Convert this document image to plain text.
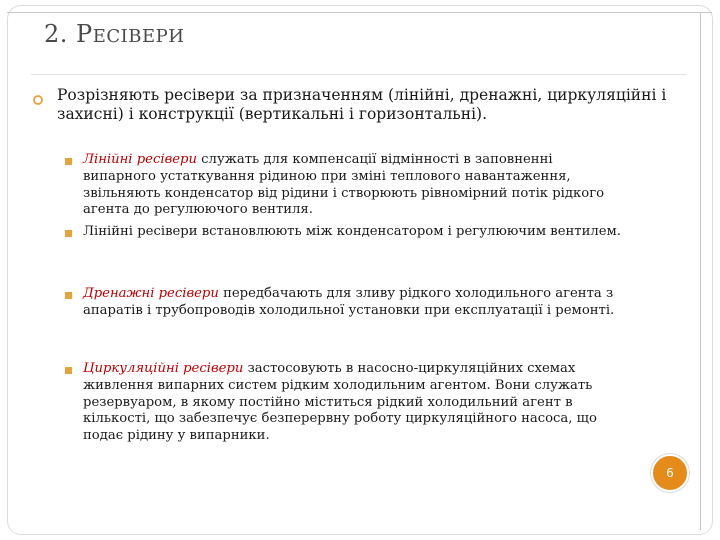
2. РЕСІВЕРИ
Розрізняють ресівери за призначенням (лінійні, дренажні, циркуляційні і захисні) і конструкції (вертикальні і горизонтальні).
Лінійні ресівери служать для компенсації відмінності в заповненні випарного устаткування рідиною при зміні теплового навантаження, звільняють конденсатор від рідини і створюють рівномірний потік рідкого агента до регулюючого вентиля.
Лінійні ресівери встановлюють між конденсатором і регулюючим вентилем.
Дренажні ресівери передбачають для зливу рідкого холодильного агента з апаратів і трубопроводів холодильної установки при експлуатації і ремонті.
Циркуляційні ресівери застосовують в насосно-циркуляційних схемах живлення випарних систем рідким холодильним агентом. Вони служать резервуаром, в якому постійно міститься рідкий холодильний агент в кількості, що забезпечує безперервну роботу циркуляційного насоса, що подає рідину у випарники.
6
